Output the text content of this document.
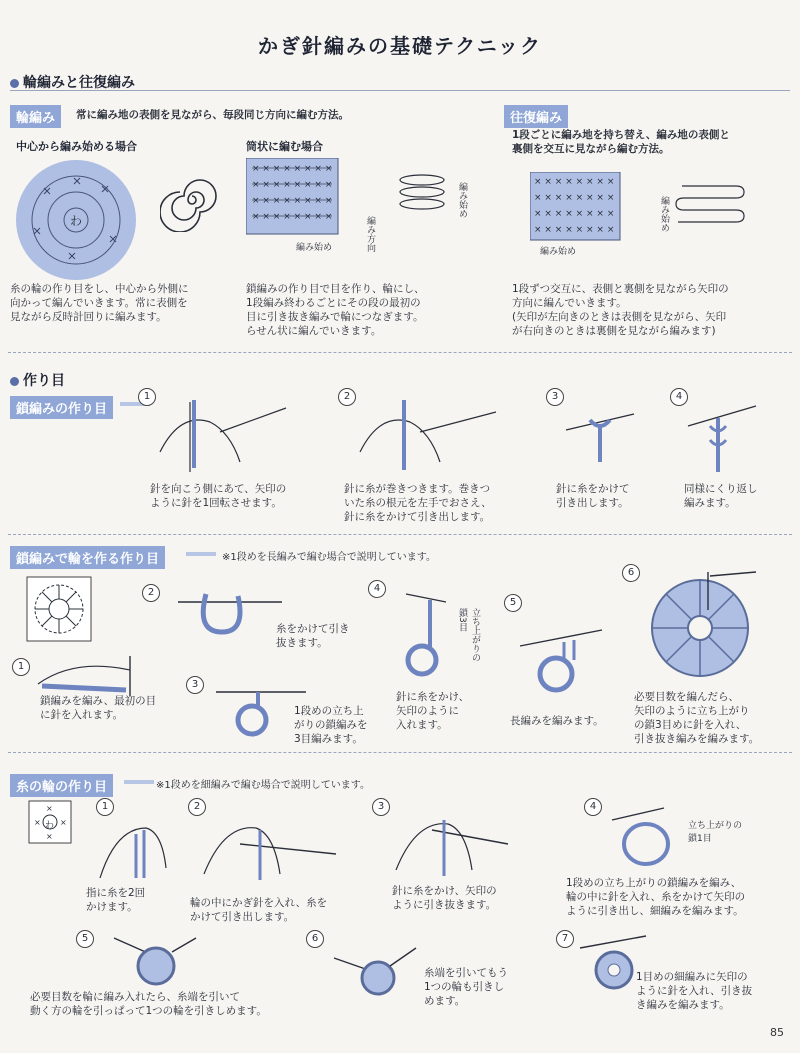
かぎ針編みの基礎テクニック
輪編みと往復編み
輪編み	常に編み地の表側を見ながら、毎段同じ方向に編む方法。
中心から編み始める場合
わ
糸の輪の作り目をし、中心から外側に
向かって編んでいきます。常に表側を
見ながら反時計回りに編みます。
筒状に編む場合
× × × × × × × ×
× × × × × × × ×
× × × × × × × ×
× × × × × × × ×
編み始め	編み方向
編み始め
鎖編みの作り目で目を作り、輪にし、
1段編み終わるごとにその段の最初の
目に引き抜き編みで輪につなぎます。
らせん状に編んでいきます。
往復編み
1段ごとに編み地を持ち替え、編み地の表側と
裏側を交互に見ながら編む方法。
× × × × × × × ×
× × × × × × × ×
× × × × × × × ×
× × × × × × × ×
編み始め
編み始め
1段ずつ交互に、表側と裏側を見ながら矢印の
方向に編んでいきます。
(矢印が左向きのときは表側を見ながら、矢印
が右向きのときは裏側を見ながら編みます)
作り目
鎖編みの作り目
1
針を向こう側にあて、矢印の
ように針を1回転させます。
2
針に糸が巻きつきます。巻きつ
いた糸の根元を左手でおさえ、
針に糸をかけて引き出します。
3
針に糸をかけて
引き出します。
4
同様にくり返し
編みます。
鎖編みで輪を作る作り目	※1段めを長編みで編む場合で説明しています。
1
鎖編みを編み、最初の目
に針を入れます。
2
糸をかけて引き
抜きます。
3
1段めの立ち上
がりの鎖編みを
3目編みます。
4
立ち上がりの
鎖3目
針に糸をかけ、
矢印のように
入れます。
5
長編みを編みます。
6
必要目数を編んだら、
矢印のように立ち上がり
の鎖3目めに針を入れ、
引き抜き編みを編みます。
糸の輪の作り目	※1段めを細編みで編む場合で説明しています。
×
× ×
×
わ
1
指に糸を2回
かけます。
2
輪の中にかぎ針を入れ、糸を
かけて引き出します。
3
針に糸をかけ、矢印の
ように引き抜きます。
4
立ち上がりの
鎖1目
1段めの立ち上がりの鎖編みを編み、
輪の中に針を入れ、糸をかけて矢印の
ように引き出し、細編みを編みます。
5
必要目数を輪に編み入れたら、糸端を引いて
動く方の輪を引っぱって1つの輪を引きしめます。
6
糸端を引いてもう
1つの輪も引きし
めます。
7
1目めの細編みに矢印の
ように針を入れ、引き抜
き編みを編みます。
85
